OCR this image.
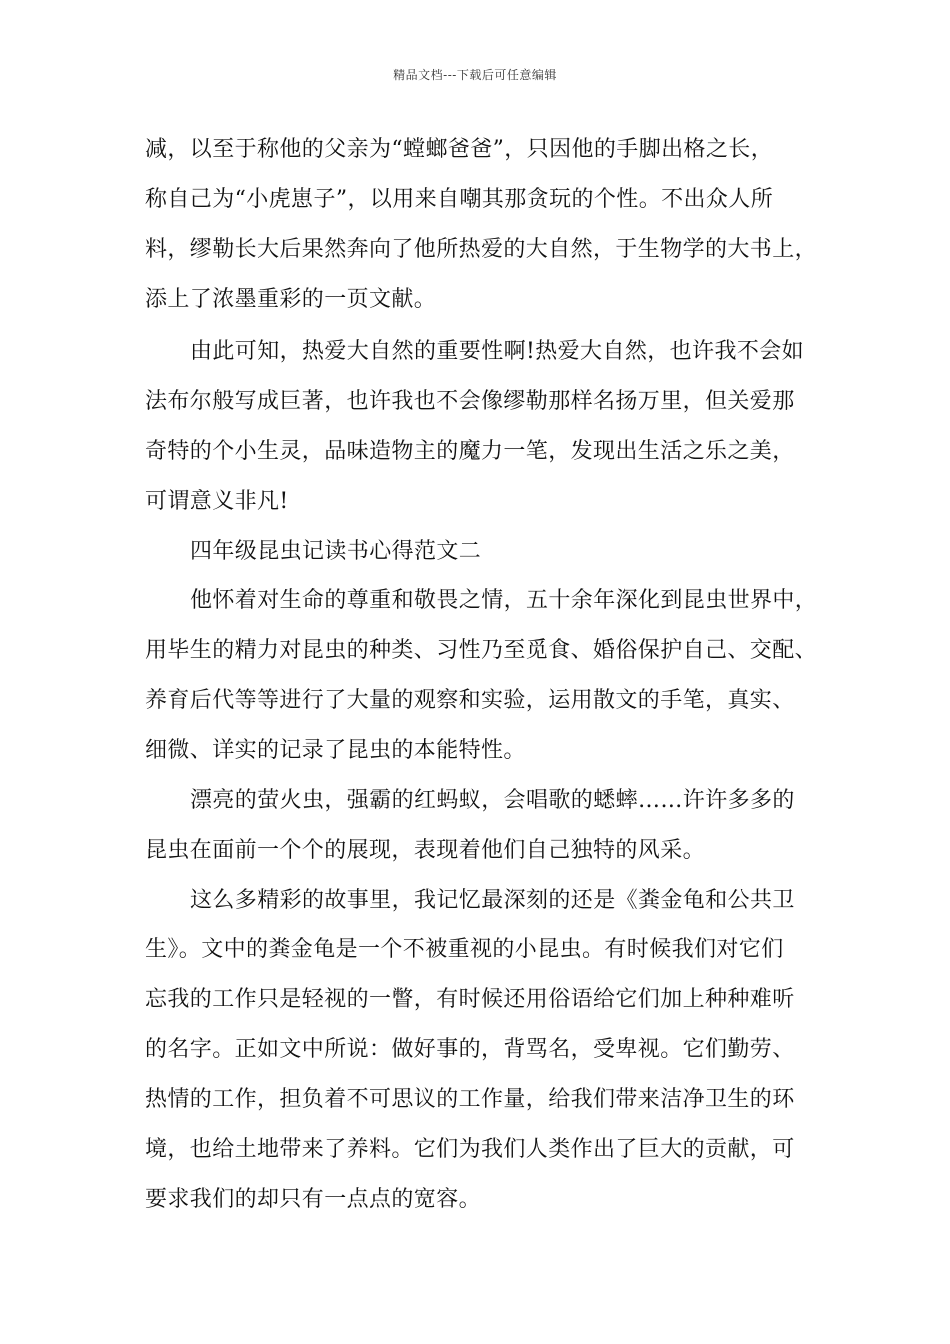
精品文档---下载后可任意编辑
减，以至于称他的父亲为“螳螂爸爸”，只因他的手脚出格之长，
称自己为“小虎崽子”，以用来自嘲其那贪玩的个性。不出众人所
料，缪勒长大后果然奔向了他所热爱的大自然，于生物学的大书上，
添上了浓墨重彩的一页文献。
由此可知，热爱大自然的重要性啊!热爱大自然，也许我不会如
法布尔般写成巨著，也许我也不会像缪勒那样名扬万里，但关爱那
奇特的个小生灵，品味造物主的魔力一笔，发现出生活之乐之美，
可谓意义非凡!
四年级昆虫记读书心得范文二
他怀着对生命的尊重和敬畏之情，五十余年深化到昆虫世界中，
用毕生的精力对昆虫的种类、习性乃至觅食、婚俗保护自己、交配、
养育后代等等进行了大量的观察和实验，运用散文的手笔，真实、
细微、详实的记录了昆虫的本能特性。
漂亮的萤火虫，强霸的红蚂蚁，会唱歌的蟋蟀……许许多多的
昆虫在面前一个个的展现，表现着他们自己独特的风采。
这么多精彩的故事里，我记忆最深刻的还是《粪金龟和公共卫
生》。文中的粪金龟是一个不被重视的小昆虫。有时候我们对它们
忘我的工作只是轻视的一瞥，有时候还用俗语给它们加上种种难听
的名字。正如文中所说：做好事的，背骂名，受卑视。它们勤劳、
热情的工作，担负着不可思议的工作量，给我们带来洁净卫生的环
境，也给土地带来了养料。它们为我们人类作出了巨大的贡献，可
要求我们的却只有一点点的宽容。
